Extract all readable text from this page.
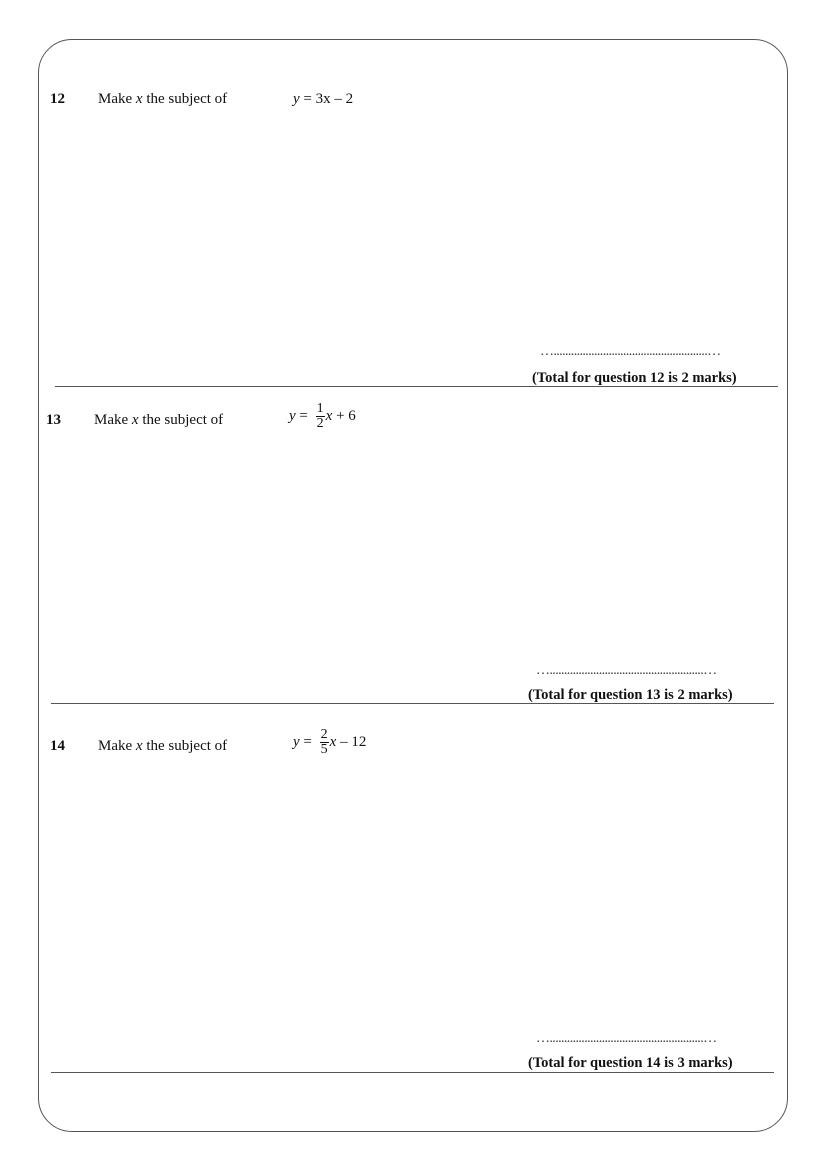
12 Make x the subject of	y = 3x – 2
….....................................................…
(Total for question 12 is 2 marks)
13 Make x the subject of	$y = \frac{1}{2}$ x + 6
….....................................................…
(Total for question 13 is 2 marks)
14 Make x the subject of	$y = \frac{2}{5}$ x – 12
….....................................................…
(Total for question 14 is 3 marks)
